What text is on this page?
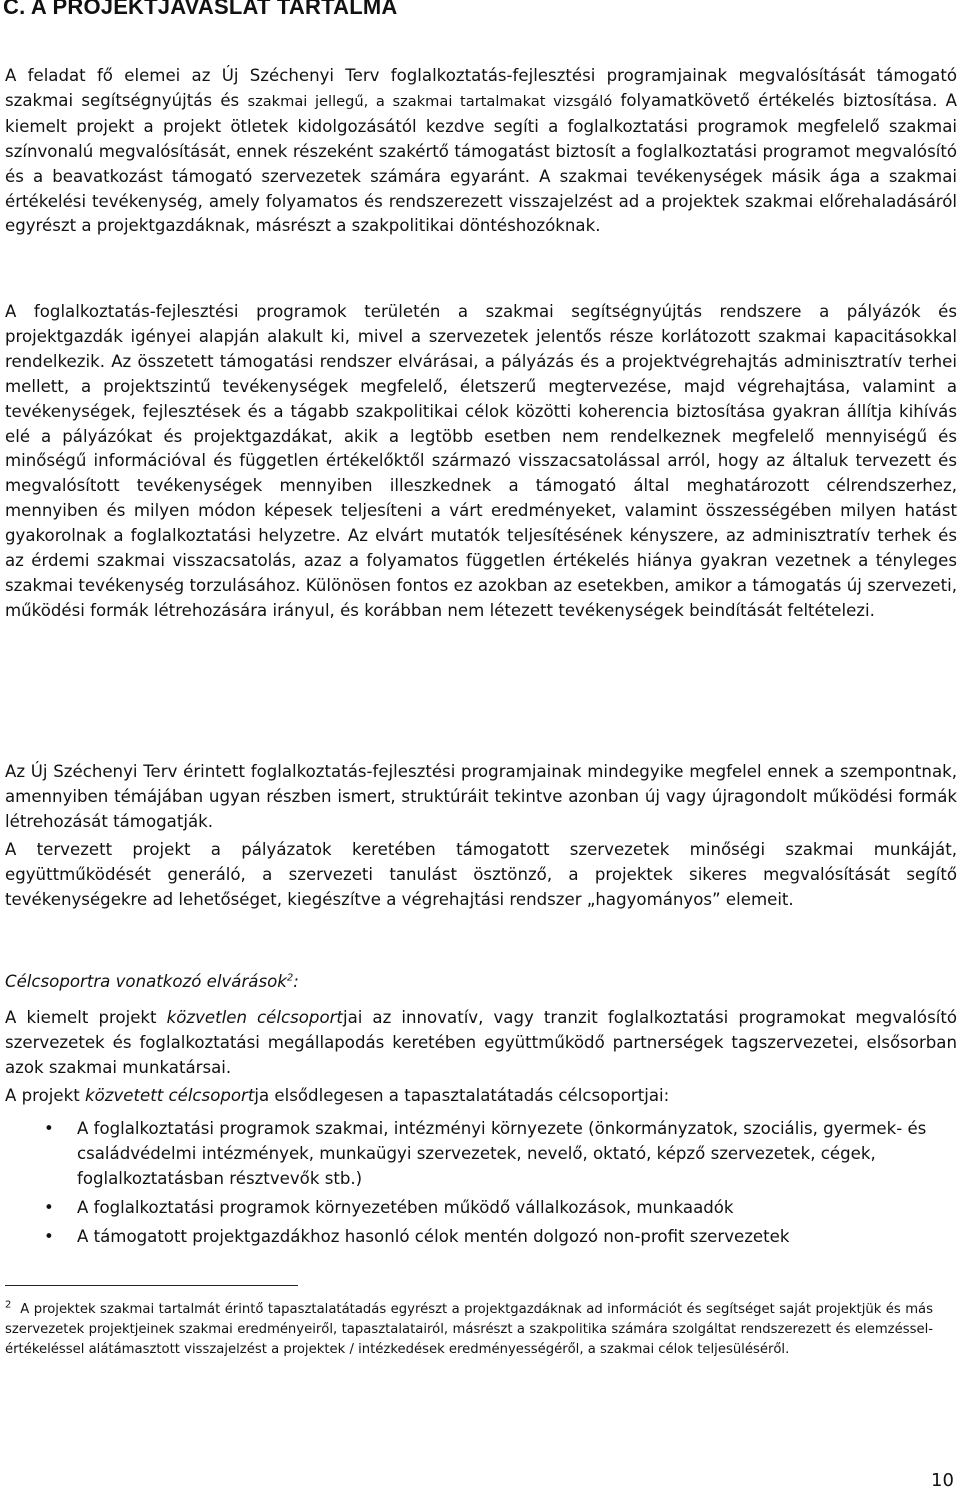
C. A PROJEKTJAVASLAT TARTALMA

A feladat fő elemei az Új Széchenyi Terv foglalkoztatás-fejlesztési programjainak megvalósítását támogató szakmai segítségnyújtás és szakmai jellegű, a szakmai tartalmakat vizsgáló folyamatkövető értékelés biztosítása. A kiemelt projekt a projekt ötletek kidolgozásától kezdve segíti a foglalkoztatási programok megfelelő szakmai színvonalú megvalósítását, ennek részeként szakértő támogatást biztosít a foglalkoztatási programot megvalósító és a beavatkozást támogató szervezetek számára egyaránt. A szakmai tevékenységek másik ága a szakmai értékelési tevékenység, amely folyamatos és rendszerezett visszajelzést ad a projektek szakmai előrehaladásáról egyrészt a projektgazdáknak, másrészt a szakpolitikai döntéshozóknak.

A foglalkoztatás-fejlesztési programok területén a szakmai segítségnyújtás rendszere a pályázók és projektgazdák igényei alapján alakult ki, mivel a szervezetek jelentős része korlátozott szakmai kapacitásokkal rendelkezik. Az összetett támogatási rendszer elvárásai, a pályázás és a projektvégrehajtás adminisztratív terhei mellett, a projektszintű tevékenységek megfelelő, életszerű megtervezése, majd végrehajtása, valamint a tevékenységek, fejlesztések és a tágabb szakpolitikai célok közötti koherencia biztosítása gyakran állítja kihívás elé a pályázókat és projektgazdákat, akik a legtöbb esetben nem rendelkeznek megfelelő mennyiségű és minőségű információval és független értékelőktől származó visszacsatolással arról, hogy az általuk tervezett és megvalósított tevékenységek mennyiben illeszkednek a támogató által meghatározott célrendszerhez, mennyiben és milyen módon képesek teljesíteni a várt eredményeket, valamint összességében milyen hatást gyakorolnak a foglalkoztatási helyzetre. Az elvárt mutatók teljesítésének kényszere, az adminisztratív terhek és az érdemi szakmai visszacsatolás, azaz a folyamatos független értékelés hiánya gyakran vezetnek a tényleges szakmai tevékenység torzulásához. Különösen fontos ez azokban az esetekben, amikor a támogatás új szervezeti, működési formák létrehozására irányul, és korábban nem létezett tevékenységek beindítását feltételezi.

Az Új Széchenyi Terv érintett foglalkoztatás-fejlesztési programjainak mindegyike megfelel ennek a szempontnak, amennyiben témájában ugyan részben ismert, struktúráit tekintve azonban új vagy újragondolt működési formák létrehozását támogatják.

A tervezett projekt a pályázatok keretében támogatott szervezetek minőségi szakmai munkáját, együttműködését generáló, a szervezeti tanulást ösztönző, a projektek sikeres megvalósítását segítő tevékenységekre ad lehetőséget, kiegészítve a végrehajtási rendszer „hagyományos” elemeit.

Célcsoportra vonatkozó elvárások$^2$:

A kiemelt projekt közvetlen célcsoportjai az innovatív, vagy tranzit foglalkoztatási programokat megvalósító szervezetek és foglalkoztatási megállapodás keretében együttműködő partnerségek tagszervezetei, elsősorban azok szakmai munkatársai.

A projekt közvetett célcsoportja elsődlegesen a tapasztalatátadás célcsoportjai:

• A foglalkoztatási programok szakmai, intézményi környezete (önkormányzatok, szociális, gyermek- és családvédelmi intézmények, munkaügyi szervezetek, nevelő, oktató, képző szervezetek, cégek, foglalkoztatásban résztvevők stb.)
• A foglalkoztatási programok környezetében működő vállalkozások, munkaadók
• A támogatott projektgazdákhoz hasonló célok mentén dolgozó non-profit szervezetek

$^2$ A projektek szakmai tartalmát érintő tapasztalatátadás egyrészt a projektgazdáknak ad információt és segítséget saját projektjük és más szervezetek projektjeinek szakmai eredményeiről, tapasztalatairól, másrészt a szakpolitika számára szolgáltat rendszerezett és elemzéssel-értékeléssel alátámasztott visszajelzést a projektek / intézkedések eredményességéről, a szakmai célok teljesüléséről.

10
